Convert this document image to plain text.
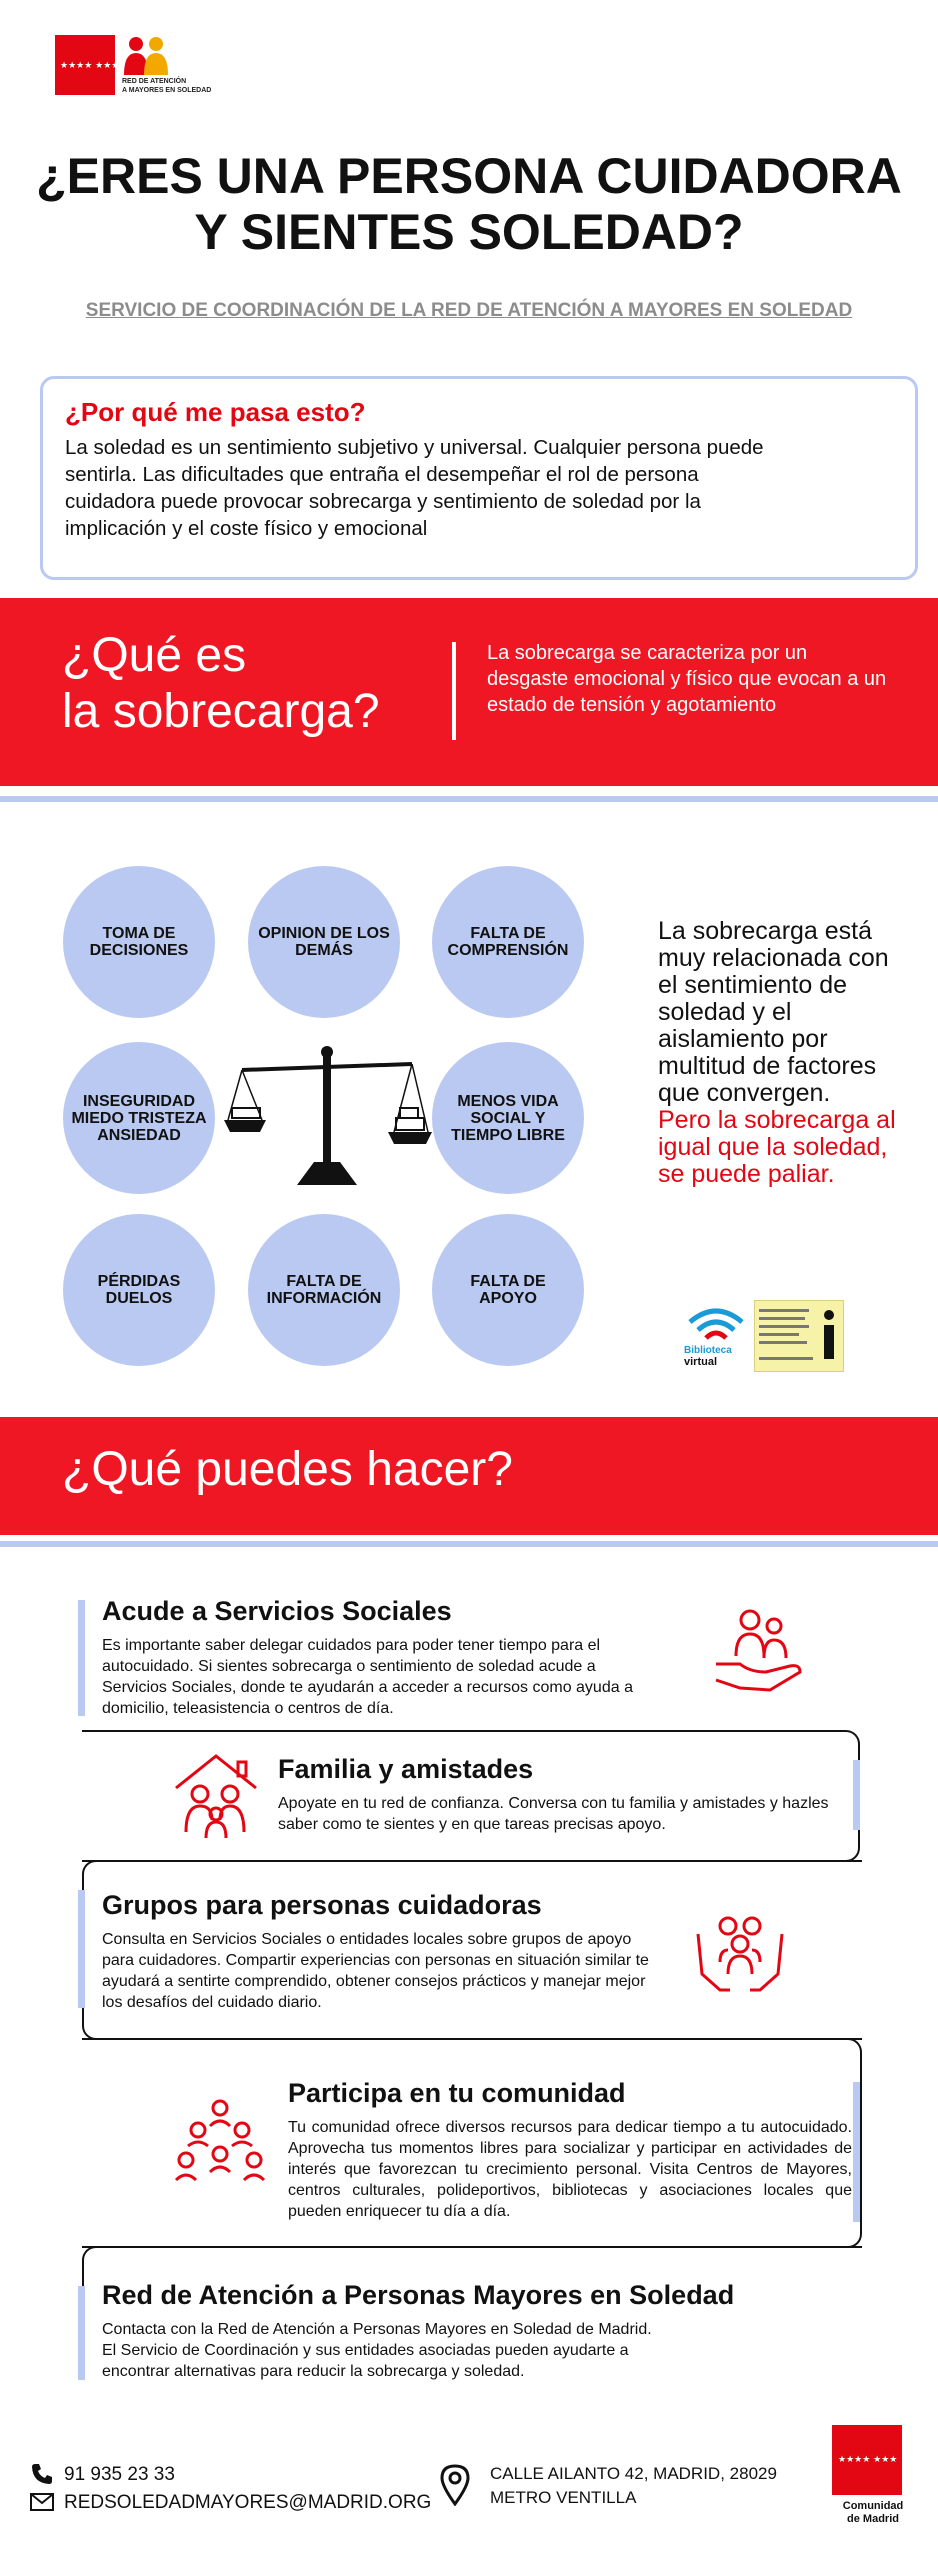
★★★★ ★★★
RED DE ATENCIÓN
A MAYORES EN SOLEDAD
¿ERES UNA PERSONA CUIDADORA
Y SIENTES SOLEDAD?
SERVICIO DE COORDINACIÓN DE LA RED DE ATENCIÓN A MAYORES EN SOLEDAD
¿Por qué me pasa esto?
La soledad es un sentimiento subjetivo y universal. Cualquier persona puede sentirla. Las dificultades que entraña el desempeñar el rol de persona cuidadora puede provocar sobrecarga y sentimiento de soledad por la implicación y el coste físico y emocional
¿Qué es
la sobrecarga?
La sobrecarga se caracteriza por un desgaste emocional y físico que evocan a un estado de tensión y agotamiento
TOMA DE DECISIONES
OPINION DE LOS DEMÁS
FALTA DE COMPRENSIÓN
INSEGURIDAD MIEDO TRISTEZA ANSIEDAD
MENOS VIDA SOCIAL Y TIEMPO LIBRE
PÉRDIDAS DUELOS
FALTA DE INFORMACIÓN
FALTA DE APOYO
La sobrecarga está muy relacionada con el sentimiento de soledad y el aislamiento por multitud de factores que convergen.
Pero la sobrecarga al igual que la soledad, se puede paliar.
Biblioteca
virtual
¿Qué puedes hacer?
Acude a Servicios Sociales
Es importante saber delegar cuidados para poder tener tiempo para el autocuidado. Si sientes sobrecarga o sentimiento de soledad acude a Servicios Sociales, donde te ayudarán a acceder a recursos como ayuda a domicilio, teleasistencia o centros de día.
Familia y amistades
Apoyate en tu red de confianza. Conversa con tu familia y amistades y hazles saber como te sientes y en que tareas precisas apoyo.
Grupos para personas cuidadoras
Consulta en Servicios Sociales o entidades locales sobre grupos de apoyo para cuidadores. Compartir experiencias con personas en situación similar te ayudará a sentirte comprendido, obtener consejos prácticos y manejar mejor los desafíos del cuidado diario.
Participa en tu comunidad
Tu comunidad ofrece diversos recursos para dedicar tiempo a tu autocuidado. Aprovecha tus momentos libres para socializar y participar en actividades de interés que favorezcan tu crecimiento personal. Visita Centros de Mayores, centros culturales, polideportivos, bibliotecas y asociaciones locales que pueden enriquecer tu día a día.
Red de Atención a Personas Mayores en Soledad
Contacta con la Red de Atención a Personas Mayores en Soledad de Madrid. El Servicio de Coordinación y sus entidades asociadas pueden ayudarte a encontrar alternativas para reducir la sobrecarga y soledad.
91 935 23 33
REDSOLEDADMAYORES@MADRID.ORG
CALLE AILANTO 42, MADRID, 28029
METRO VENTILLA
★★★★ ★★★
Comunidad
de Madrid
